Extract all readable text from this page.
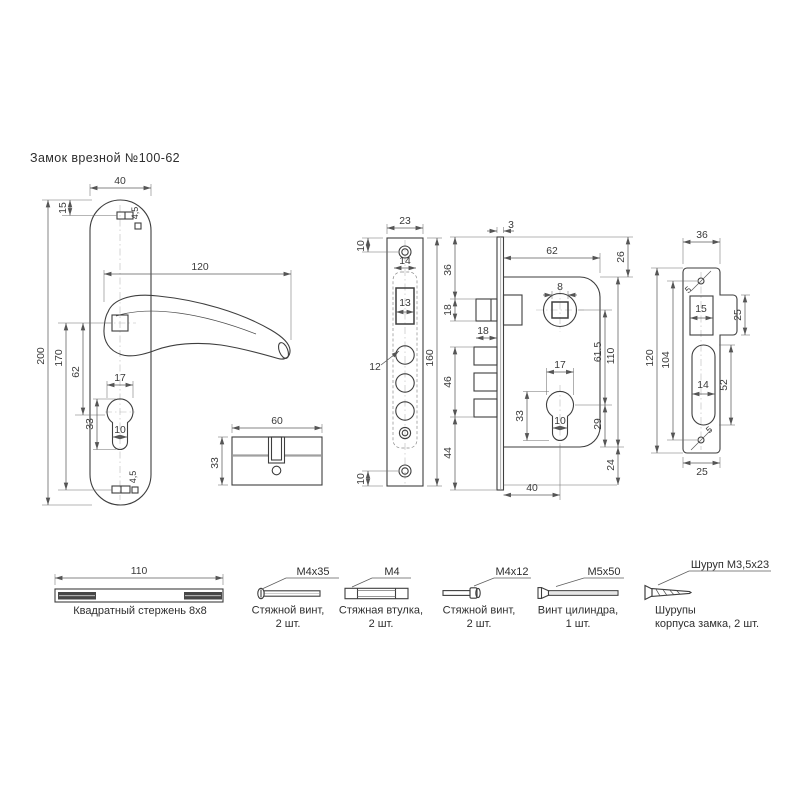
Замок врезной №100-62
40
15	4,5
120
200 170
62
17
33
10
4,5
60
33
23
10
14
13
12
160
10
3
62
8
36
18
46
44
18
61.5
29
110
24
26
17
33	10
40
5
5
36
15	25
14 52
120 104
25
110
Квадратный стержень 8х8
М4х35
Стяжной винт,
2 шт.
М4
Стяжная втулка,
2 шт.
М4х12
Стяжной винт,
2 шт.
М5х50
Винт цилиндра,
1 шт.
Шуруп М3,5х23
Шурупы
корпуса замка, 2 шт.
